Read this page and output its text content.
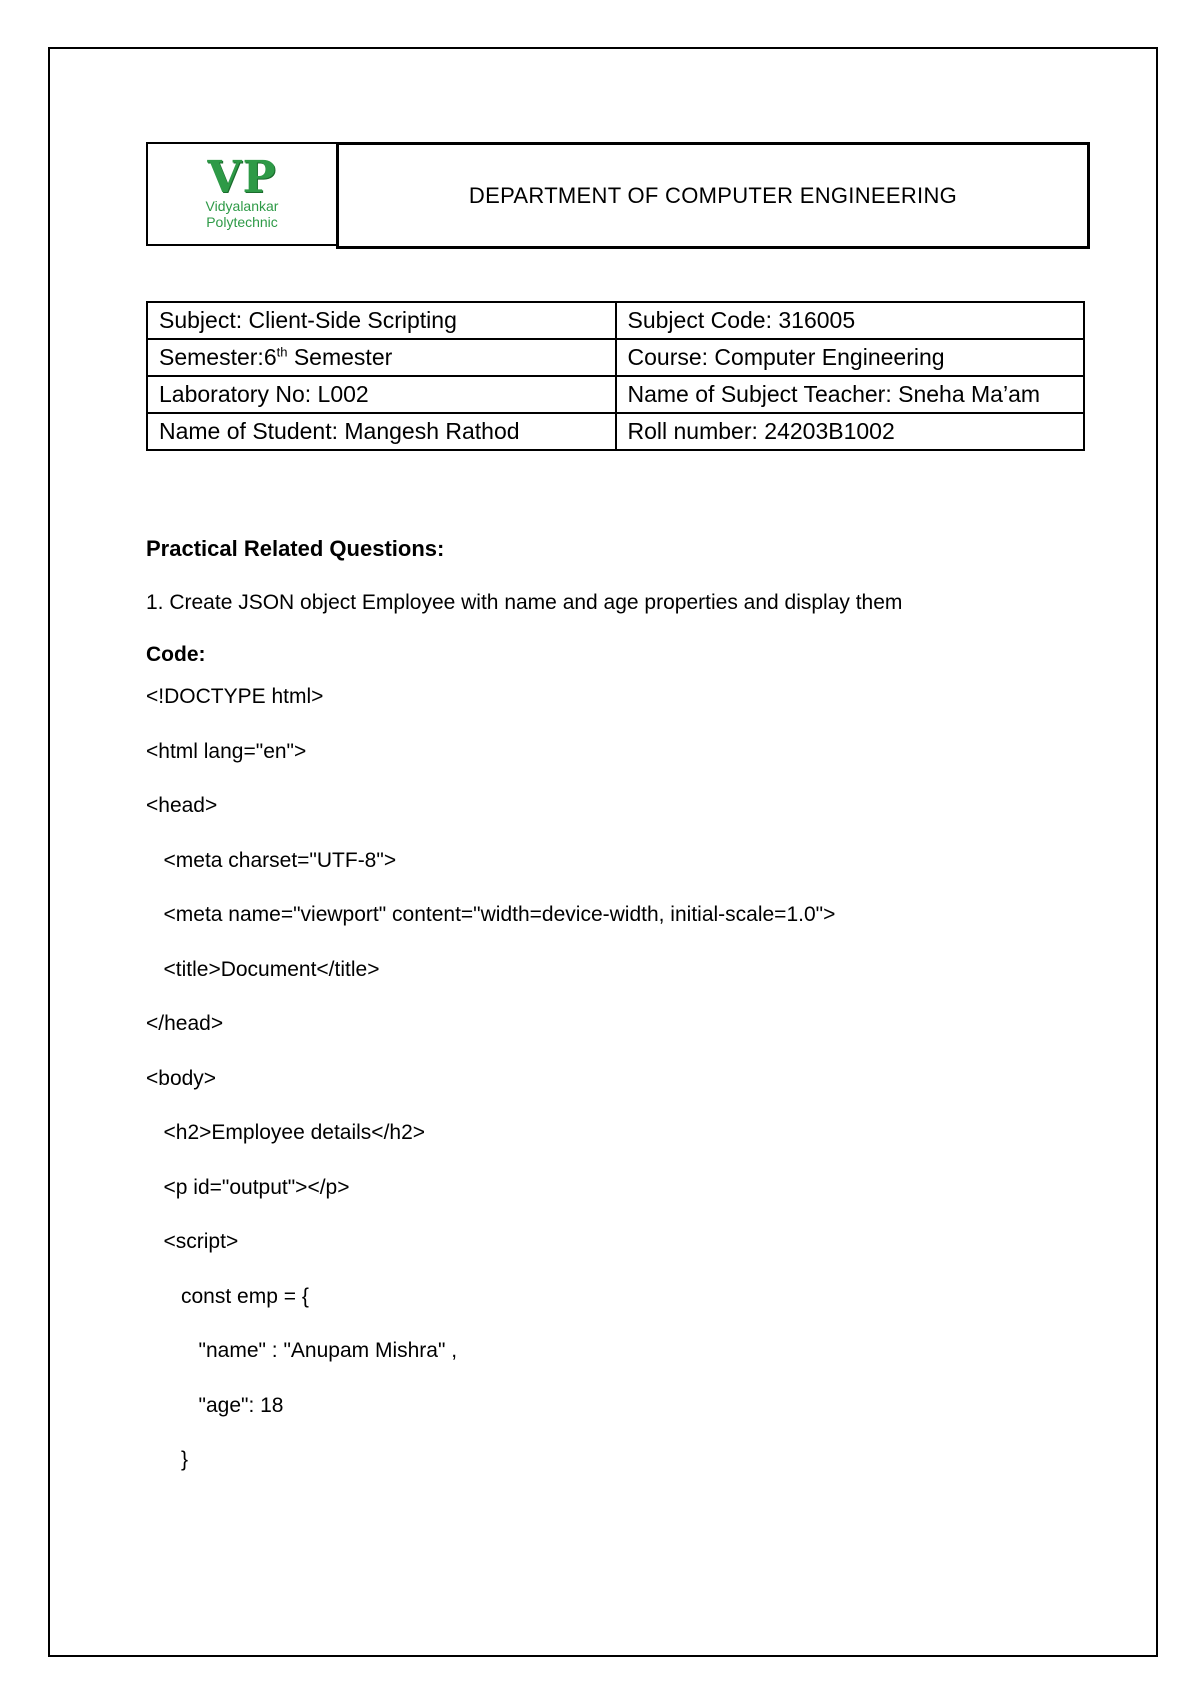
VP
Vidyalankar
Polytechnic
DEPARTMENT OF COMPUTER ENGINEERING
Subject: Client-Side Scripting	Subject Code: 316005
Semester:6th Semester	Course: Computer Engineering
Laboratory No: L002	Name of Subject Teacher: Sneha Ma’am
Name of Student: Mangesh Rathod	Roll number: 24203B1002

Practical Related Questions:

1. Create JSON object Employee with name and age properties and display them

Code:

<!DOCTYPE html>
<html lang="en">
<head>
<meta charset="UTF-8">
<meta name="viewport" content="width=device-width, initial-scale=1.0">
<title>Document</title>
</head>
<body>
<h2>Employee details</h2>
<p id="output"></p>
<script>
const emp = {
"name" : "Anupam Mishra" ,
"age": 18
}
